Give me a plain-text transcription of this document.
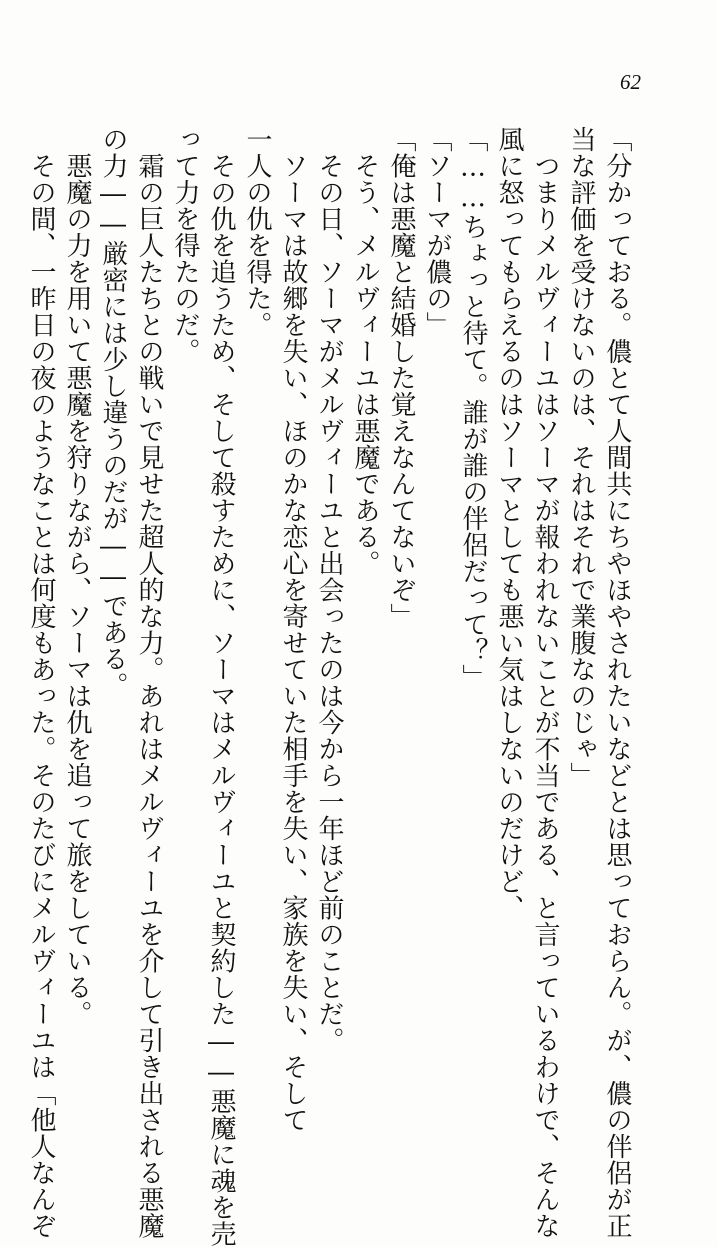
62
「分かっておる。儂とて人間共にちやほやされたいなどとは思っておらん。が、儂の伴侶が正
当な評価を受けないのは、それはそれで業腹なのじゃ」
　つまりメルヴィーユはソーマが報われないことが不当である、と言っているわけで、そんな
風に怒ってもらえるのはソーマとしても悪い気はしないのだけど、
「……ちょっと待て。誰が誰の伴侶だって？」
「ソーマが儂の」
「俺は悪魔と結婚した覚えなんてないぞ」
　そう、メルヴィーユは悪魔である。
　その日、ソーマがメルヴィーユと出会ったのは今から一年ほど前のことだ。
　ソーマは故郷を失い、ほのかな恋心を寄せていた相手を失い、家族を失い、そして
一人の仇を得た。
　その仇を追うため、そして殺すために、ソーマはメルヴィーユと契約した――悪魔に魂を売
って力を得たのだ。
　霜の巨人たちとの戦いで見せた超人的な力。あれはメルヴィーユを介して引き出される悪魔
の力――厳密には少し違うのだが――である。
　悪魔の力を用いて悪魔を狩りながら、ソーマは仇を追って旅をしている。
　その間、一昨日の夜のようなことは何度もあった。そのたびにメルヴィーユは「他人なんぞ
